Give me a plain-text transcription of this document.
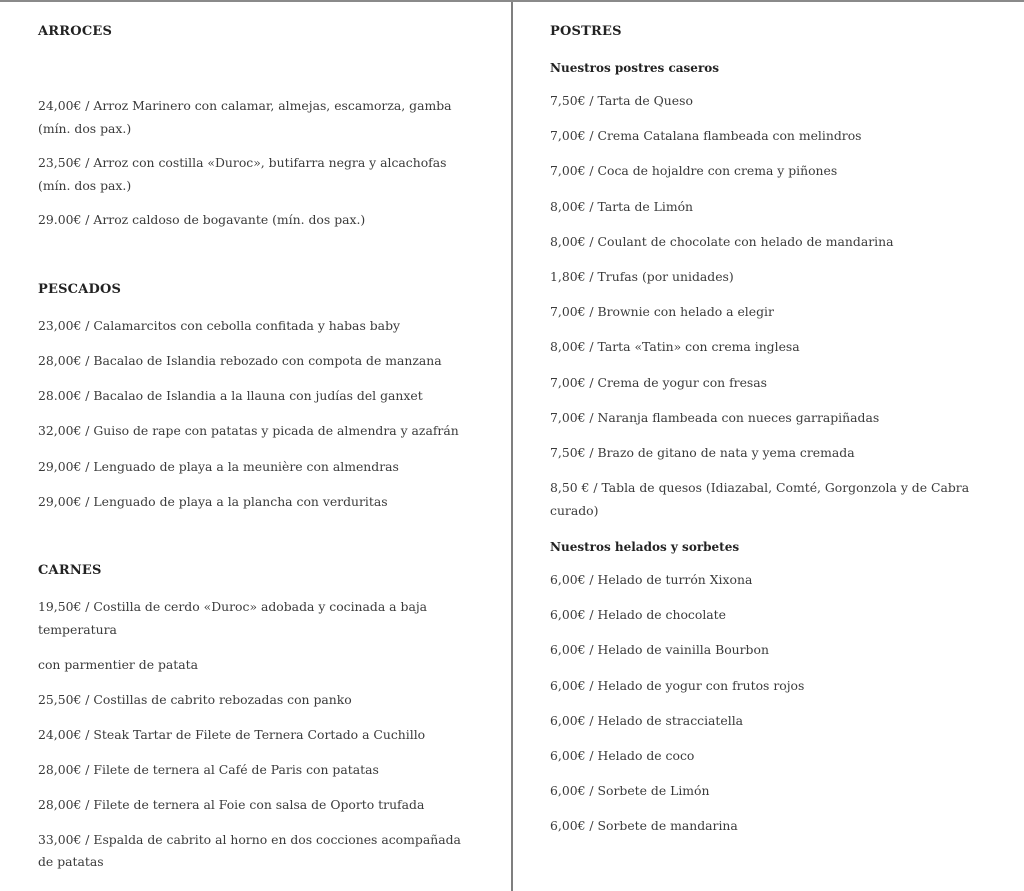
ARROCES
24,00€ / Arroz Marinero con calamar, almejas, escamorza, gamba (mín. dos pax.)
23,50€ / Arroz con costilla «Duroc», butifarra negra y alcachofas (mín. dos pax.)
29.00€ / Arroz caldoso de bogavante (mín. dos pax.)
PESCADOS
23,00€ / Calamarcitos con cebolla confitada y habas baby
28,00€ / Bacalao de Islandia rebozado con compota de manzana
28.00€ / Bacalao de Islandia a la llauna con judías del ganxet
32,00€ / Guiso de rape con patatas y picada de almendra y azafrán
29,00€ / Lenguado de playa a la meunière con almendras
29,00€ / Lenguado de playa a la plancha con verduritas
CARNES
19,50€ / Costilla de cerdo «Duroc» adobada y cocinada a baja temperatura
con parmentier de patata
25,50€ / Costillas de cabrito rebozadas con panko
24,00€ / Steak Tartar de Filete de Ternera Cortado a Cuchillo
28,00€ / Filete de ternera al Café de Paris con patatas
28,00€ / Filete de ternera al Foie con salsa de Oporto trufada
33,00€ / Espalda de cabrito al horno en dos cocciones acompañada de patatas
POSTRES
Nuestros postres caseros
7,50€ / Tarta de Queso
7,00€ / Crema Catalana flambeada con melindros
7,00€ / Coca de hojaldre con crema y piñones
8,00€ / Tarta de Limón
8,00€ / Coulant de chocolate con helado de mandarina
1,80€ / Trufas (por unidades)
7,00€ / Brownie con helado a elegir
8,00€ / Tarta «Tatin» con crema inglesa
7,00€ / Crema de yogur con fresas
7,00€ / Naranja flambeada con nueces garrapiñadas
7,50€ / Brazo de gitano de nata y yema cremada
8,50 € / Tabla de quesos (Idiazabal, Comté, Gorgonzola y de Cabra curado)
Nuestros helados y sorbetes
6,00€ / Helado de turrón Xixona
6,00€ / Helado de chocolate
6,00€ / Helado de vainilla Bourbon
6,00€ / Helado de yogur con frutos rojos
6,00€ / Helado de stracciatella
6,00€ / Helado de coco
6,00€ / Sorbete de Limón
6,00€ / Sorbete de mandarina
